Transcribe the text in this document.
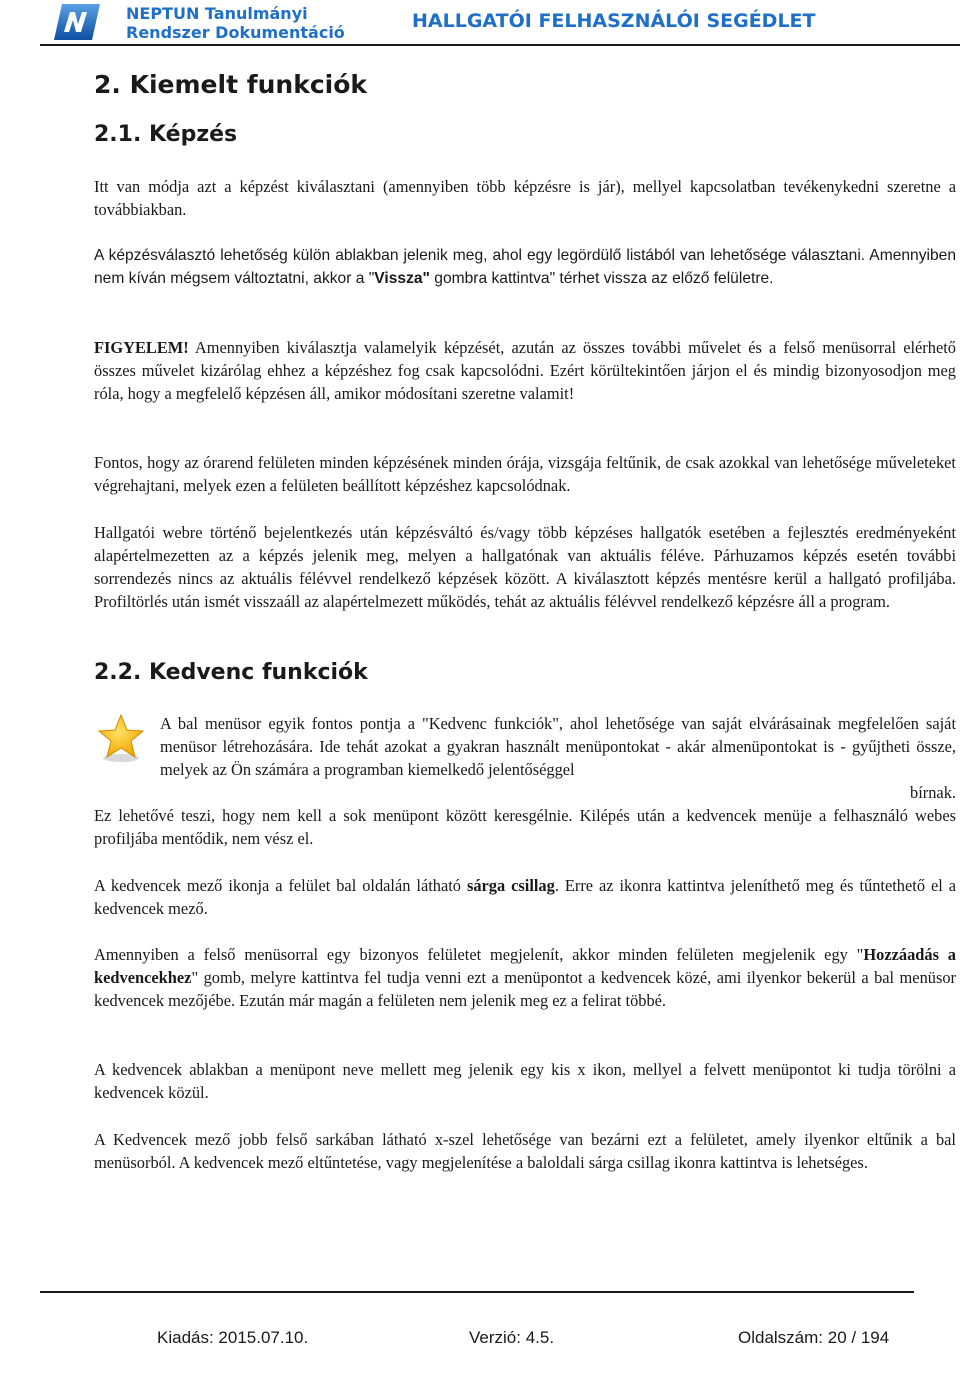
NEPTUN Tanulmányi
Rendszer Dokumentáció
HALLGATÓI FELHASZNÁLÓI SEGÉDLET
2. Kiemelt funkciók
2.1. Képzés
Itt van módja azt a képzést kiválasztani (amennyiben több képzésre is jár), mellyel kapcsolatban tevékenykedni szeretne a továbbiakban.
A képzésválasztó lehetőség külön ablakban jelenik meg, ahol egy legördülő listából van lehetősége választani. Amennyiben nem kíván mégsem változtatni, akkor a "Vissza" gombra kattintva" térhet vissza az előző felületre.
FIGYELEM! Amennyiben kiválasztja valamelyik képzését, azután az összes további művelet és a felső menüsorral elérhető összes művelet kizárólag ehhez a képzéshez fog csak kapcsolódni. Ezért körültekintően járjon el és mindig bizonyosodjon meg róla, hogy a megfelelő képzésen áll, amikor módosítani szeretne valamit!
Fontos, hogy az órarend felületen minden képzésének minden órája, vizsgája feltűnik, de csak azokkal van lehetősége műveleteket végrehajtani, melyek ezen a felületen beállított képzéshez kapcsolódnak.
Hallgatói webre történő bejelentkezés után képzésváltó és/vagy több képzéses hallgatók esetében a fejlesztés eredményeként alapértelmezetten az a képzés jelenik meg, melyen a hallgatónak van aktuális féléve. Párhuzamos képzés esetén további sorrendezés nincs az aktuális félévvel rendelkező képzések között. A kiválasztott képzés mentésre kerül a hallgató profiljába. Profiltörlés után ismét visszaáll az alapértelmezett működés, tehát az aktuális félévvel rendelkező képzésre áll a program.
2.2. Kedvenc funkciók
A bal menüsor egyik fontos pontja a "Kedvenc funkciók", ahol lehetősége van saját elvárásainak megfelelően saját menüsor létrehozására. Ide tehát azokat a gyakran használt menüpontokat - akár almenüpontokat is - gyűjtheti össze, melyek az Ön számára a programban kiemelkedő jelentőséggel
bírnak.
Ez lehetővé teszi, hogy nem kell a sok menüpont között keresgélnie. Kilépés után a kedvencek menüje a felhasználó webes profiljába mentődik, nem vész el.
A kedvencek mező ikonja a felület bal oldalán látható sárga csillag. Erre az ikonra kattintva jeleníthető meg és tűntethető el a kedvencek mező.
Amennyiben a felső menüsorral egy bizonyos felületet megjelenít, akkor minden felületen megjelenik egy "Hozzáadás a kedvencekhez" gomb, melyre kattintva fel tudja venni ezt a menüpontot a kedvencek közé, ami ilyenkor bekerül a bal menüsor kedvencek mezőjébe. Ezután már magán a felületen nem jelenik meg ez a felirat többé.
A kedvencek ablakban a menüpont neve mellett meg jelenik egy kis x ikon, mellyel a felvett menüpontot ki tudja törölni a kedvencek közül.
A Kedvencek mező jobb felső sarkában látható x-szel lehetősége van bezárni ezt a felületet, amely ilyenkor eltűnik a bal menüsorból. A kedvencek mező eltűntetése, vagy megjelenítése a baloldali sárga csillag ikonra kattintva is lehetséges.
Kiadás: 2015.07.10.	Verzió: 4.5.	Oldalszám: 20 / 194
